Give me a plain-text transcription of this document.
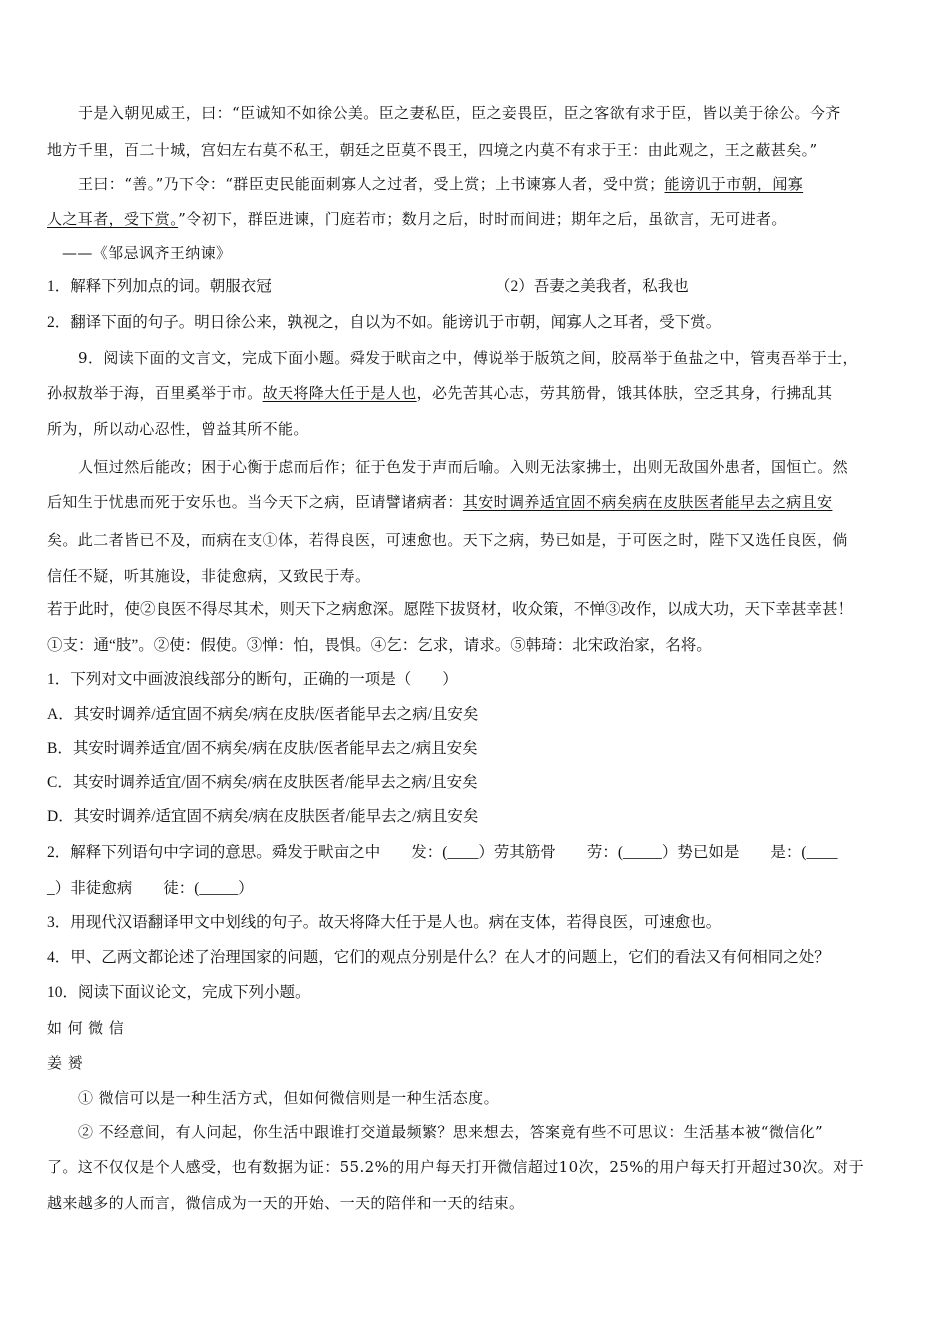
于是入朝见威王，曰：“臣诚知不如徐公美。臣之妻私臣，臣之妾畏臣，臣之客欲有求于臣，皆以美于徐公。今齐
地方千里，百二十城，宫妇左右莫不私王，朝廷之臣莫不畏王，四境之内莫不有求于王：由此观之，王之蔽甚矣。”
王曰：“善。”乃下令：“群臣吏民能面刺寡人之过者，受上赏；上书谏寡人者，受中赏；能谤讥于市朝，闻寡
人之耳者，受下赏。”令初下，群臣进谏，门庭若市；数月之后，时时而间进；期年之后，虽欲言，无可进者。
——《邹忌讽齐王纳谏》
1．解释下列加点的词。朝服衣冠	（2）吾妻之美我者，私我也
2．翻译下面的句子。明日徐公来，孰视之，自以为不如。能谤讥于市朝，闻寡人之耳者，受下赏。
9．阅读下面的文言文，完成下面小题。舜发于畎亩之中，傅说举于版筑之间，胶鬲举于鱼盐之中，管夷吾举于士，
孙叔敖举于海，百里奚举于市。故天将降大任于是人也，必先苦其心志，劳其筋骨，饿其体肤，空乏其身，行拂乱其
所为，所以动心忍性，曾益其所不能。
人恒过然后能改；困于心衡于虑而后作；征于色发于声而后喻。入则无法家拂士，出则无敌国外患者，国恒亡。然
后知生于忧患而死于安乐也。当今天下之病，臣请譬诸病者：其安时调养适宜固不病矣病在皮肤医者能早去之病且安
矣。此二者皆已不及，而病在支①体，若得良医，可速愈也。天下之病，势已如是，于可医之时，陛下又选任良医，倘
信任不疑，听其施设，非徒愈病，又致民于寿。
若于此时，使②良医不得尽其术，则天下之病愈深。愿陛下拔贤材，收众策，不惮③改作，以成大功，天下幸甚幸甚！
①支：通“肢”。②使：假使。③惮：怕，畏惧。④乞：乞求，请求。⑤韩琦：北宋政治家，名将。
1．下列对文中画波浪线部分的断句，正确的一项是（　　）
A．其安时调养/适宜固不病矣/病在皮肤/医者能早去之病/且安矣
B．其安时调养适宜/固不病矣/病在皮肤/医者能早去之/病且安矣
C．其安时调养适宜/固不病矣/病在皮肤医者/能早去之病/且安矣
D．其安时调养/适宜固不病矣/病在皮肤医者/能早去之/病且安矣
2．解释下列语句中字词的意思。舜发于畎亩之中　　发：(____）劳其筋骨　　劳：(_____）势已如是　　是：(____
_）非徒愈病　　徒：(_____）
3．用现代汉语翻译甲文中划线的句子。故天将降大任于是人也。病在支体，若得良医，可速愈也。
4．甲、乙两文都论述了治理国家的问题，它们的观点分别是什么？在人才的问题上，它们的看法又有何相同之处？
10．阅读下面议论文，完成下列小题。
如 何 微 信
姜 赟
① 微信可以是一种生活方式，但如何微信则是一种生活态度。
② 不经意间，有人问起，你生活中跟谁打交道最频繁？思来想去，答案竟有些不可思议：生活基本被“微信化”
了。这不仅仅是个人感受，也有数据为证：55.2%的用户每天打开微信超过10次，25%的用户每天打开超过30次。对于
越来越多的人而言，微信成为一天的开始、一天的陪伴和一天的结束。
